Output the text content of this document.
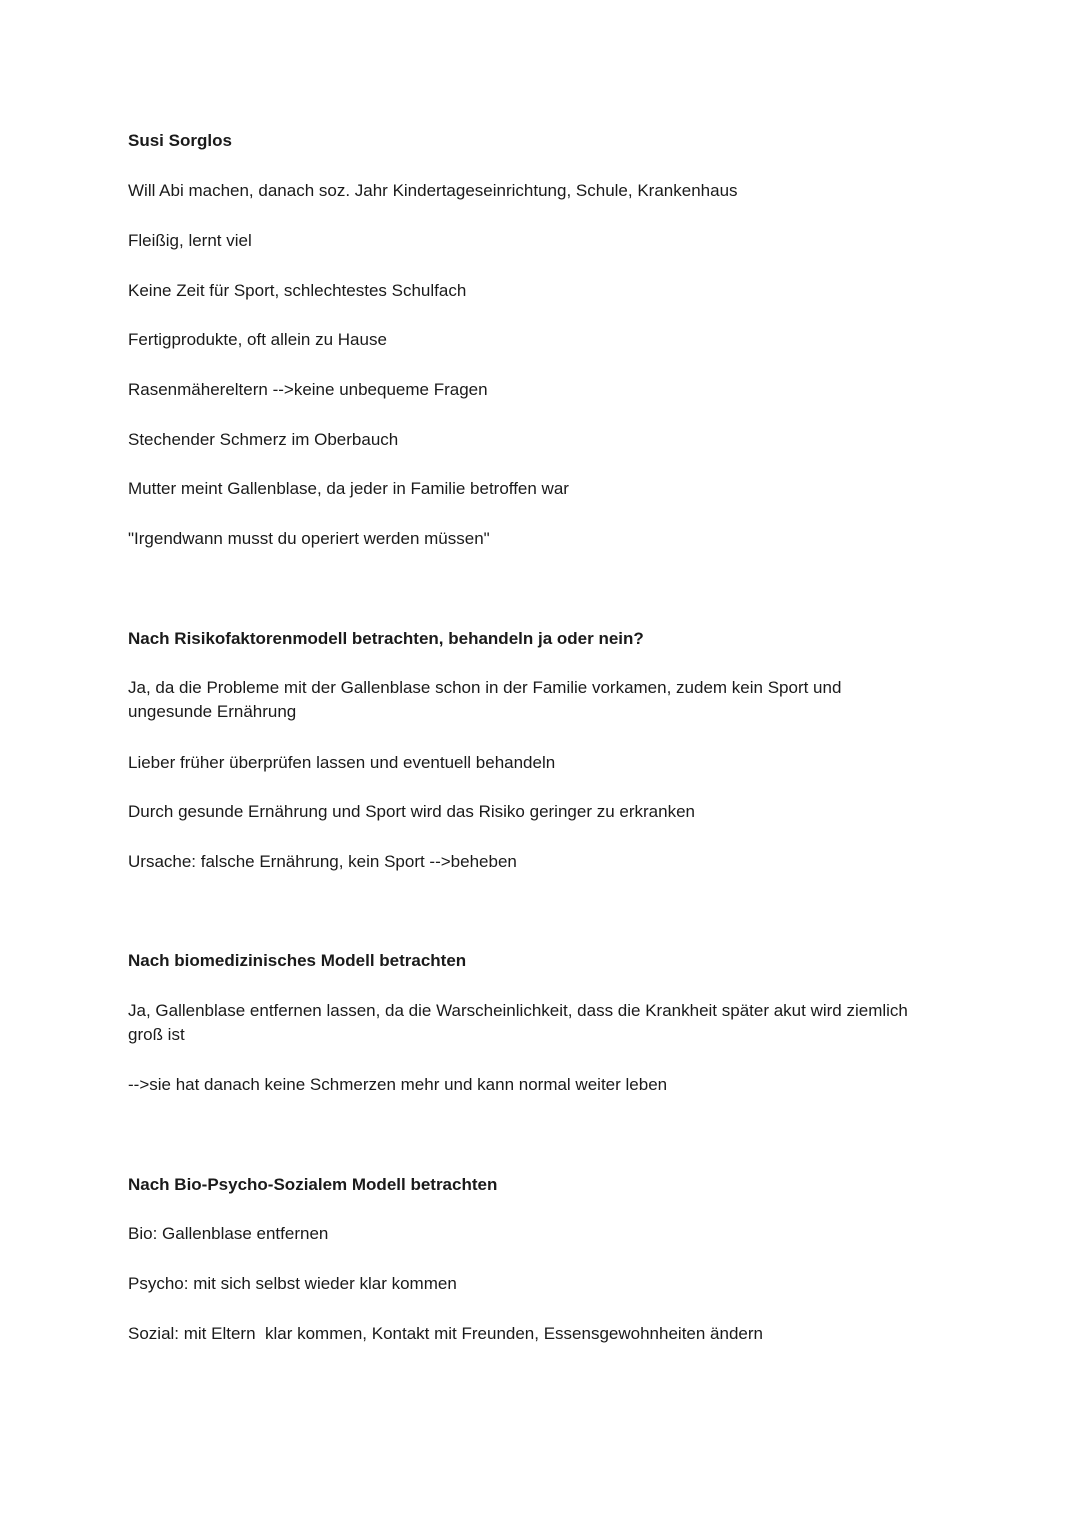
Susi Sorglos

Will Abi machen, danach soz. Jahr Kindertageseinrichtung, Schule, Krankenhaus

Fleißig, lernt viel

Keine Zeit für Sport, schlechtestes Schulfach

Fertigprodukte, oft allein zu Hause

Rasenmähereltern -->keine unbequeme Fragen

Stechender Schmerz im Oberbauch

Mutter meint Gallenblase, da jeder in Familie betroffen war

"Irgendwann musst du operiert werden müssen"

Nach Risikofaktorenmodell betrachten, behandeln ja oder nein?

Ja, da die Probleme mit der Gallenblase schon in der Familie vorkamen, zudem kein Sport und ungesunde Ernährung

Lieber früher überprüfen lassen und eventuell behandeln

Durch gesunde Ernährung und Sport wird das Risiko geringer zu erkranken

Ursache: falsche Ernährung, kein Sport -->beheben

Nach biomedizinisches Modell betrachten

Ja, Gallenblase entfernen lassen, da die Warscheinlichkeit, dass die Krankheit später akut wird ziemlich groß ist

-->sie hat danach keine Schmerzen mehr und kann normal weiter leben

Nach Bio-Psycho-Sozialem Modell betrachten

Bio: Gallenblase entfernen

Psycho: mit sich selbst wieder klar kommen

Sozial: mit Eltern  klar kommen, Kontakt mit Freunden, Essensgewohnheiten ändern
